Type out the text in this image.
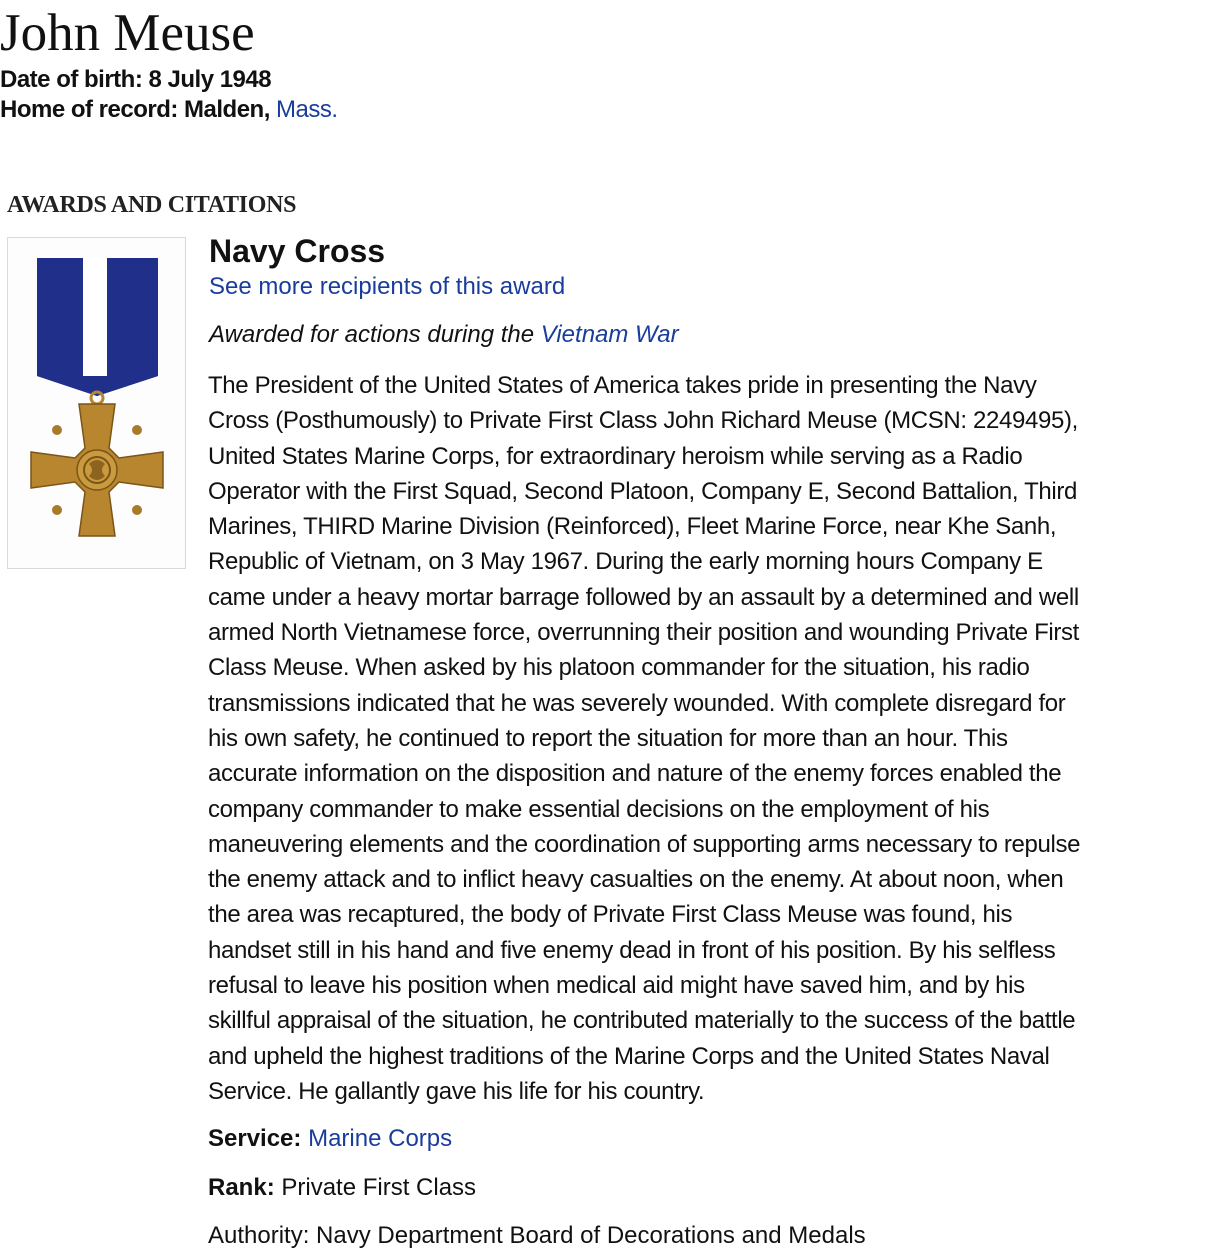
John Meuse
Date of birth: 8 July 1948
Home of record: Malden, Mass.
AWARDS AND CITATIONS
Navy Cross
See more recipients of this award
Awarded for actions during the Vietnam War

The President of the United States of America takes pride in presenting the Navy
Cross (Posthumously) to Private First Class John Richard Meuse (MCSN: 2249495),
United States Marine Corps, for extraordinary heroism while serving as a Radio
Operator with the First Squad, Second Platoon, Company E, Second Battalion, Third
Marines, THIRD Marine Division (Reinforced), Fleet Marine Force, near Khe Sanh,
Republic of Vietnam, on 3 May 1967. During the early morning hours Company E
came under a heavy mortar barrage followed by an assault by a determined and well
armed North Vietnamese force, overrunning their position and wounding Private First
Class Meuse. When asked by his platoon commander for the situation, his radio
transmissions indicated that he was severely wounded. With complete disregard for
his own safety, he continued to report the situation for more than an hour. This
accurate information on the disposition and nature of the enemy forces enabled the
company commander to make essential decisions on the employment of his
maneuvering elements and the coordination of supporting arms necessary to repulse
the enemy attack and to inflict heavy casualties on the enemy. At about noon, when
the area was recaptured, the body of Private First Class Meuse was found, his
handset still in his hand and five enemy dead in front of his position. By his selfless
refusal to leave his position when medical aid might have saved him, and by his
skillful appraisal of the situation, he contributed materially to the success of the battle
and upheld the highest traditions of the Marine Corps and the United States Naval
Service. He gallantly gave his life for his country.

Service: Marine Corps
Rank: Private First Class
Authority: Navy Department Board of Decorations and Medals
